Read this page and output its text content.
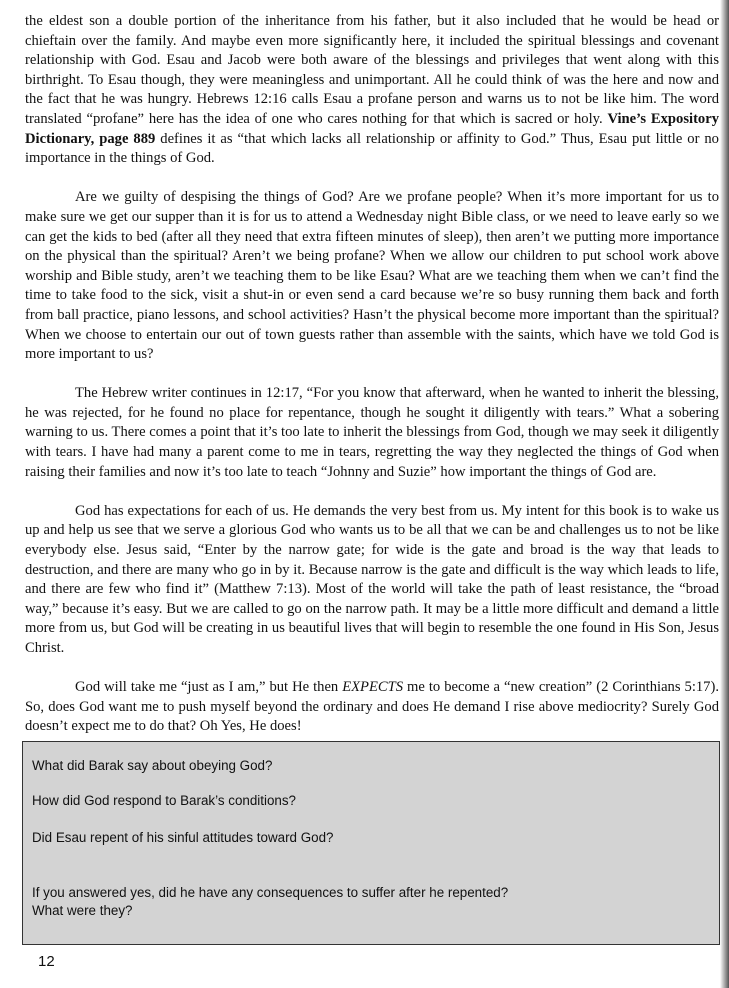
the eldest son a double portion of the inheritance from his father, but it also included that he would be head or chieftain over the family. And maybe even more significantly here, it included the spiritual blessings and covenant relationship with God. Esau and Jacob were both aware of the blessings and privileges that went along with this birthright. To Esau though, they were meaningless and unimportant. All he could think of was the here and now and the fact that he was hungry. Hebrews 12:16 calls Esau a profane person and warns us to not be like him. The word translated “profane” here has the idea of one who cares nothing for that which is sacred or holy. Vine’s Expository Dictionary, page 889 defines it as “that which lacks all relationship or affinity to God.” Thus, Esau put little or no importance in the things of God.

Are we guilty of despising the things of God? Are we profane people? When it’s more important for us to make sure we get our supper than it is for us to attend a Wednesday night Bible class, or we need to leave early so we can get the kids to bed (after all they need that extra fifteen minutes of sleep), then aren’t we putting more importance on the physical than the spiritual? Aren’t we being profane? When we allow our children to put school work above worship and Bible study, aren’t we teaching them to be like Esau? What are we teaching them when we can’t find the time to take food to the sick, visit a shut-in or even send a card because we’re so busy running them back and forth from ball practice, piano lessons, and school activities? Hasn’t the physical become more important than the spiritual? When we choose to entertain our out of town guests rather than assemble with the saints, which have we told God is more important to us?

The Hebrew writer continues in 12:17, “For you know that afterward, when he wanted to inherit the blessing, he was rejected, for he found no place for repentance, though he sought it diligently with tears.” What a sobering warning to us. There comes a point that it’s too late to inherit the blessings from God, though we may seek it diligently with tears. I have had many a parent come to me in tears, regretting the way they neglected the things of God when raising their families and now it’s too late to teach “Johnny and Suzie” how important the things of God are.

God has expectations for each of us. He demands the very best from us. My intent for this book is to wake us up and help us see that we serve a glorious God who wants us to be all that we can be and challenges us to not be like everybody else. Jesus said, “Enter by the narrow gate; for wide is the gate and broad is the way that leads to destruction, and there are many who go in by it. Because narrow is the gate and difficult is the way which leads to life, and there are few who find it” (Matthew 7:13). Most of the world will take the path of least resistance, the “broad way,” because it’s easy. But we are called to go on the narrow path. It may be a little more difficult and demand a little more from us, but God will be creating in us beautiful lives that will begin to resemble the one found in His Son, Jesus Christ.

God will take me “just as I am,” but He then EXPECTS me to become a “new creation” (2 Corinthians 5:17). So, does God want me to push myself beyond the ordinary and does He demand I rise above mediocrity? Surely God doesn’t expect me to do that? Oh Yes, He does!

What did Barak say about obeying God?
How did God respond to Barak’s conditions?
Did Esau repent of his sinful attitudes toward God?
If you answered yes, did he have any consequences to suffer after he repented?
What were they?
12
